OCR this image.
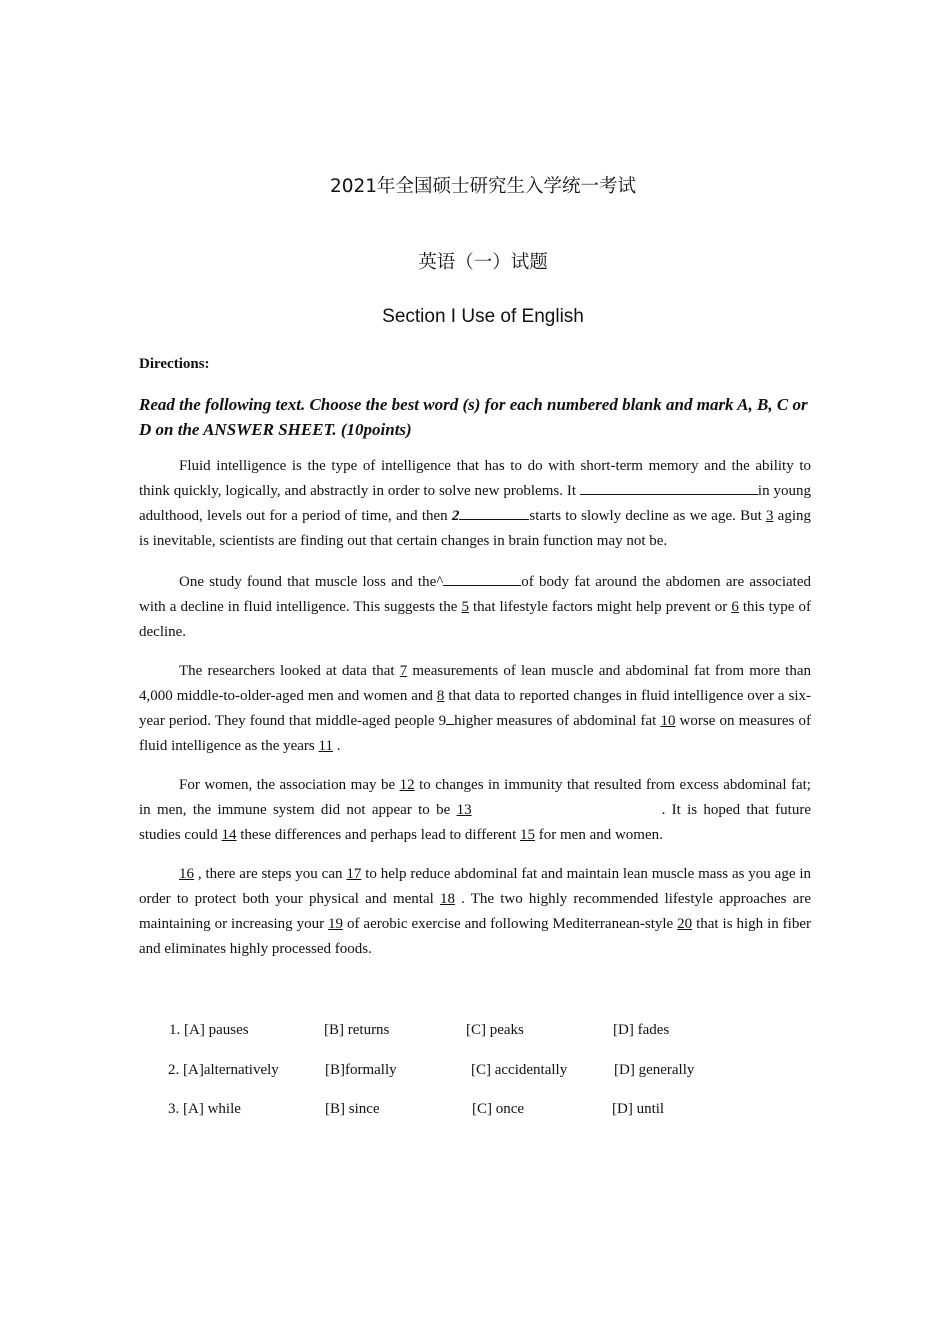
2021年全国硕士研究生入学统一考试
英语（一）试题
Section I Use of English
Directions:
Read the following text. Choose the best word (s) for each numbered blank and mark A, B, C or D on the ANSWER SHEET. (10points)
Fluid intelligence is the type of intelligence that has to do with short-term memory and the ability to think quickly, logically, and abstractly in order to solve new problems. It	in young adulthood, levels out for a period of time, and then 2	starts to slowly decline as we age. But 3 aging is inevitable, scientists are finding out that certain changes in brain function may not be.
One study found that muscle loss and the^	of body fat around the abdomen are associated with a decline in fluid intelligence. This suggests the 5 that lifestyle factors might help prevent or 6 this type of decline.
The researchers looked at data that 7 measurements of lean muscle and abdominal fat from more than 4,000 middle-to-older-aged men and women and 8 that data to reported changes in fluid intelligence over a six-year period. They found that middle-aged people 9 higher measures of abdominal fat 10 worse on measures of fluid intelligence as the years 11 .
For women, the association may be 12 to changes in immunity that resulted from excess abdominal fat; in men, the immune system did not appear to be 13	. It is hoped that future studies could 14 these differences and perhaps lead to different 15 for men and women.
16 , there are steps you can 17 to help reduce abdominal fat and maintain lean muscle mass as you age in order to protect both your physical and mental 18 . The two highly recommended lifestyle approaches are maintaining or increasing your 19 of aerobic exercise and following Mediterranean-style 20 that is high in fiber and eliminates highly processed foods.
1. [A] pauses	[B] returns	[C] peaks	[D] fades
2. [A]alternatively	[B]formally	[C] accidentally	[D] generally
3. [A] while	[B] since	[C] once	[D] until
